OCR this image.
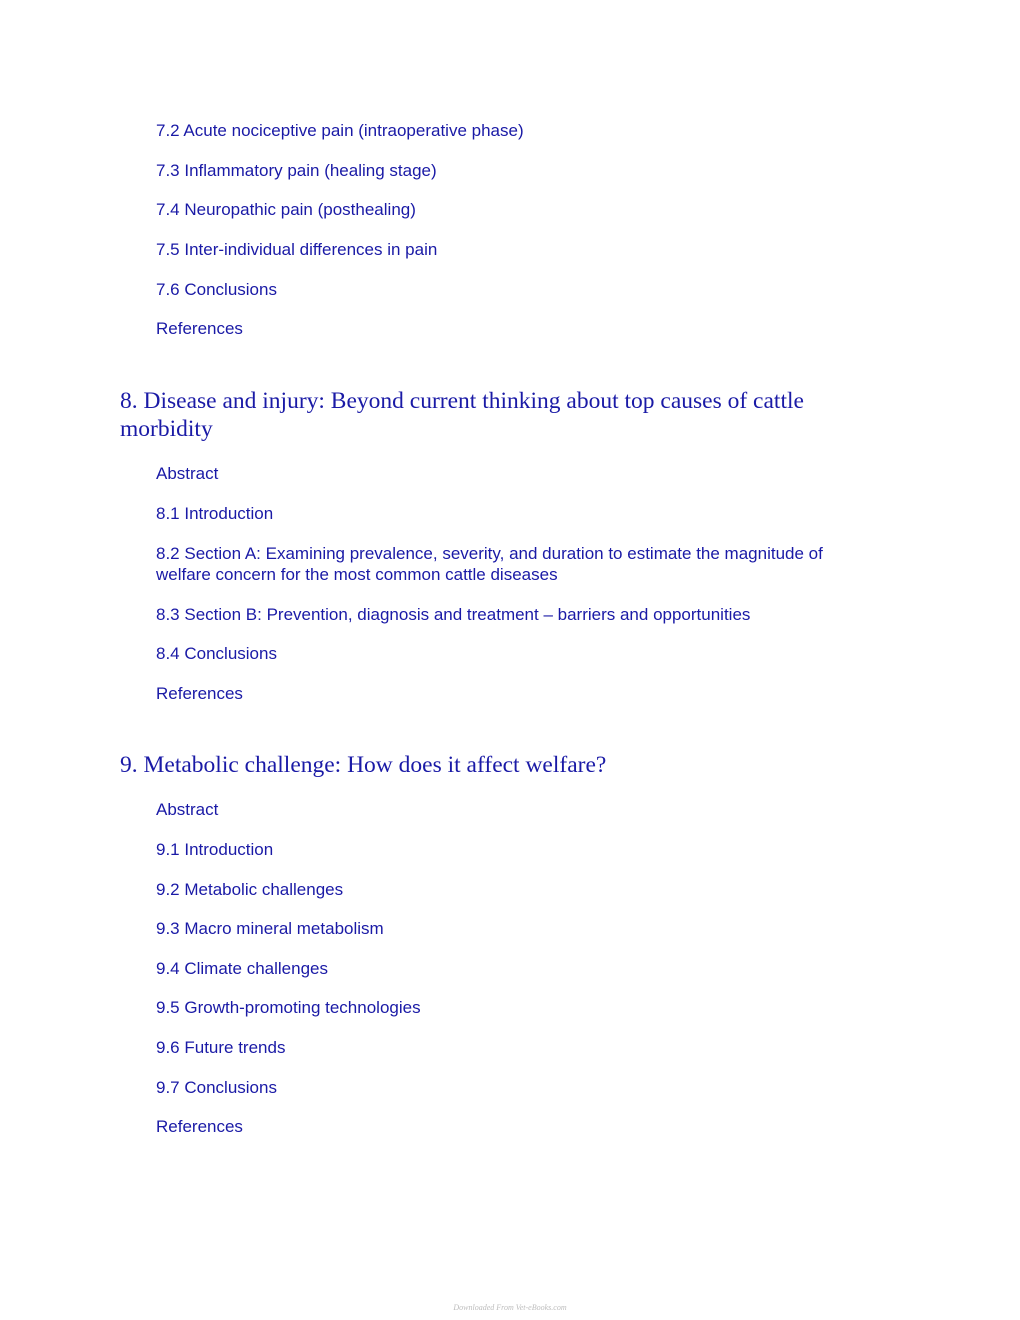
7.2 Acute nociceptive pain (intraoperative phase)
7.3 Inflammatory pain (healing stage)
7.4 Neuropathic pain (posthealing)
7.5 Inter-individual differences in pain
7.6 Conclusions
References
8. Disease and injury: Beyond current thinking about top causes of cattle morbidity
Abstract
8.1 Introduction
8.2 Section A: Examining prevalence, severity, and duration to estimate the magnitude of welfare concern for the most common cattle diseases
8.3 Section B: Prevention, diagnosis and treatment – barriers and opportunities
8.4 Conclusions
References
9. Metabolic challenge: How does it affect welfare?
Abstract
9.1 Introduction
9.2 Metabolic challenges
9.3 Macro mineral metabolism
9.4 Climate challenges
9.5 Growth-promoting technologies
9.6 Future trends
9.7 Conclusions
References
Downloaded From Vet-eBooks.com
